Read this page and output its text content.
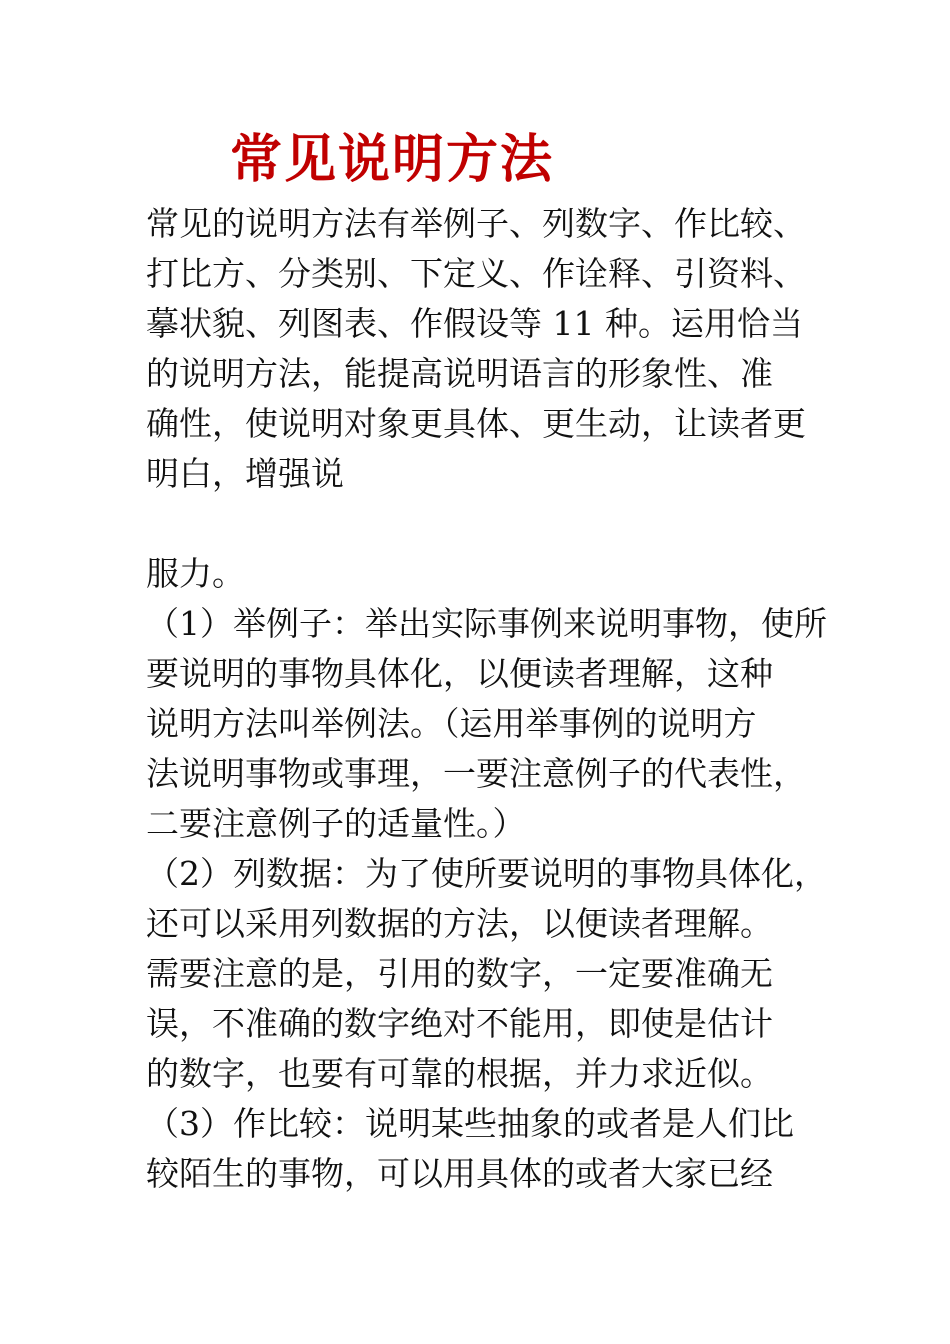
常见说明方法
常见的说明方法有举例子、列数字、作比较、
打比方、分类别、下定义、作诠释、引资料、
摹状貌、列图表、作假设等 11 种。运用恰当
的说明方法，能提高说明语言的形象性、准
确性，使说明对象更具体、更生动，让读者更
明白，增强说
服力。
（1）举例子：举出实际事例来说明事物，使所
要说明的事物具体化，以便读者理解，这种
说明方法叫举例法。（运用举事例的说明方
法说明事物或事理，一要注意例子的代表性，
二要注意例子的适量性。）
（2）列数据：为了使所要说明的事物具体化，
还可以采用列数据的方法，以便读者理解。
需要注意的是，引用的数字，一定要准确无
误，不准确的数字绝对不能用，即使是估计
的数字，也要有可靠的根据，并力求近似。
（3）作比较：说明某些抽象的或者是人们比
较陌生的事物，可以用具体的或者大家已经
